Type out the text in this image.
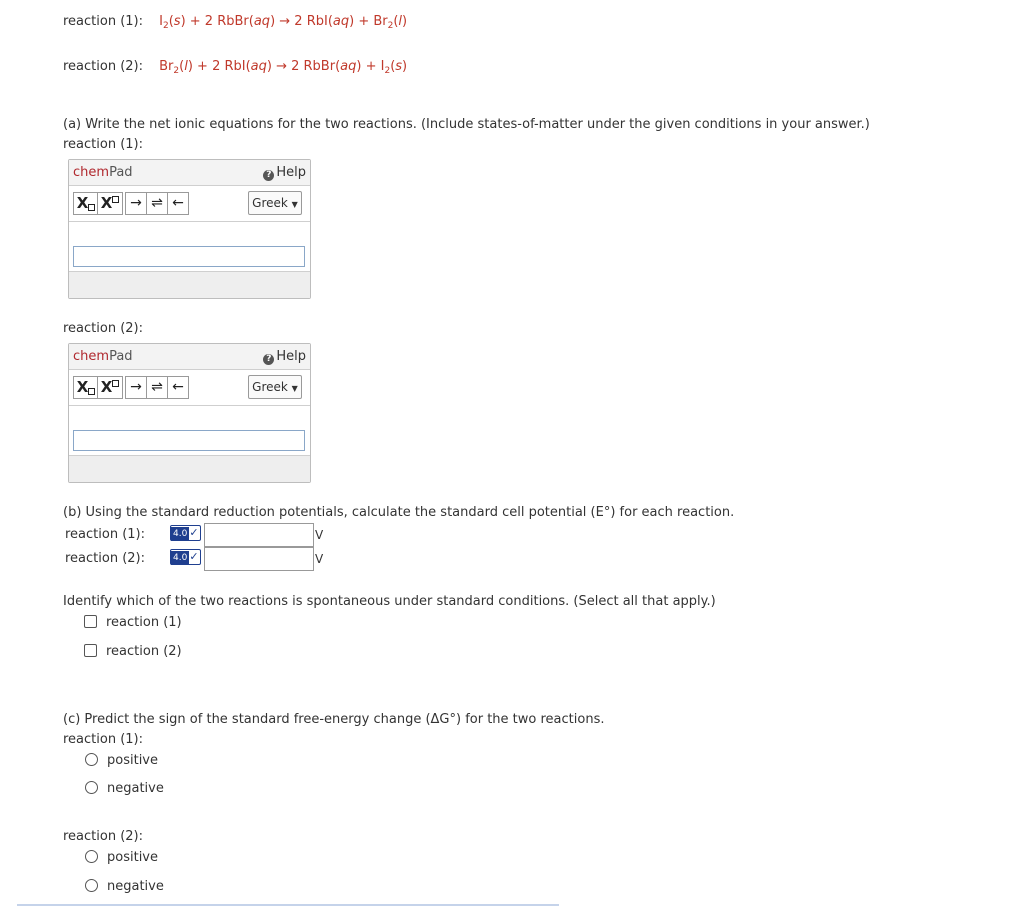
reaction (1): $I_2(s) + 2$ RbBr(aq) → 2 $RbI(aq) + Br_2(l)$
reaction (2): $Br_2(l) + 2$ RbI(aq) → 2 RbBr(aq) + $I_2(s)$
(a) Write the net ionic equations for the two reactions. (Include states-of-matter under the given conditions in your answer.)
reaction (1):
chemPad	? Help
X X	→ ⇌ ←	Greek ▼
reaction (2):
chemPad	? Help
X X	→ ⇌ ←	Greek ▼
(b) Using the standard reduction potentials, calculate the standard cell potential (E°) for each reaction.
reaction (1):	4.0 ✓	V
reaction (2):	4.0 ✓	V
Identify which of the two reactions is spontaneous under standard conditions. (Select all that apply.)
reaction (1)
reaction (2)
(c) Predict the sign of the standard free-energy change (ΔG°) for the two reactions.
reaction (1):
positive
negative
reaction (2):
positive
negative
